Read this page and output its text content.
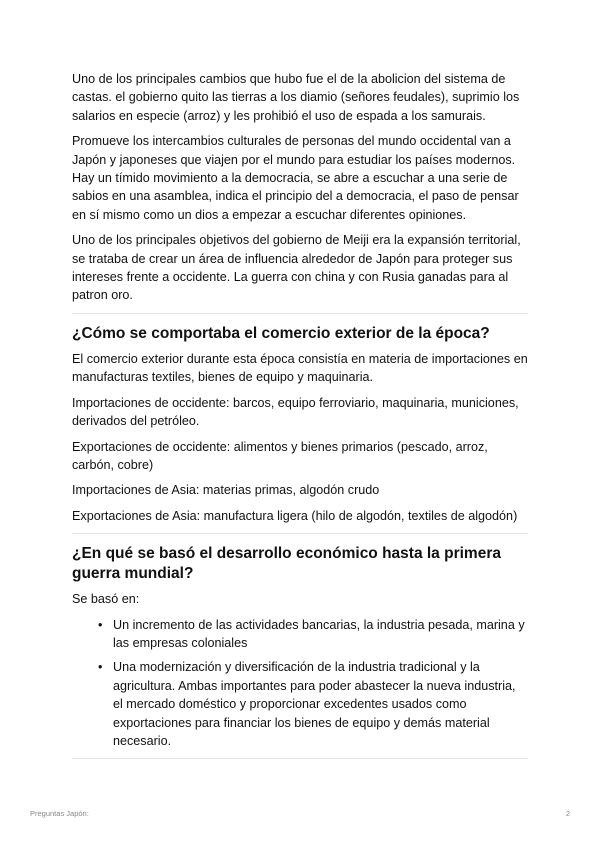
Uno de los principales cambios que hubo fue el de la abolicion del sistema de castas. el gobierno quito las tierras a los diamio (señores feudales), suprimio los salarios en especie (arroz) y les prohibió el uso de espada a los samurais.

Promueve los intercambios culturales de personas del mundo occidental van a Japón y japoneses que viajen por el mundo para estudiar los países modernos. Hay un tímido movimiento a la democracia, se abre a escuchar a una serie de sabios en una asamblea, indica el principio del a democracia, el paso de pensar en sí mismo como un dios a empezar a escuchar diferentes opiniones.

Uno de los principales objetivos del gobierno de Meiji era la expansión territorial, se trataba de crear un área de influencia alrededor de Japón para proteger sus intereses frente a occidente. La guerra con china y con Rusia ganadas para al patron oro.

¿Cómo se comportaba el comercio exterior de la época?

El comercio exterior durante esta época consistía en materia de importaciones en manufacturas textiles, bienes de equipo y maquinaria.

Importaciones de occidente: barcos, equipo ferroviario, maquinaria, municiones, derivados del petróleo.

Exportaciones de occidente: alimentos y bienes primarios (pescado, arroz, carbón, cobre)

Importaciones de Asia: materias primas, algodón crudo

Exportaciones de Asia: manufactura ligera (hilo de algodón, textiles de algodón)

¿En qué se basó el desarrollo económico hasta la primera guerra mundial?

Se basó en:

• Un incremento de las actividades bancarias, la industria pesada, marina y las empresas coloniales
• Una modernización y diversificación de la industria tradicional y la agricultura. Ambas importantes para poder abastecer la nueva industria, el mercado doméstico y proporcionar excedentes usados como exportaciones para financiar los bienes de equipo y demás material necesario.
Preguntas Japón:	2
